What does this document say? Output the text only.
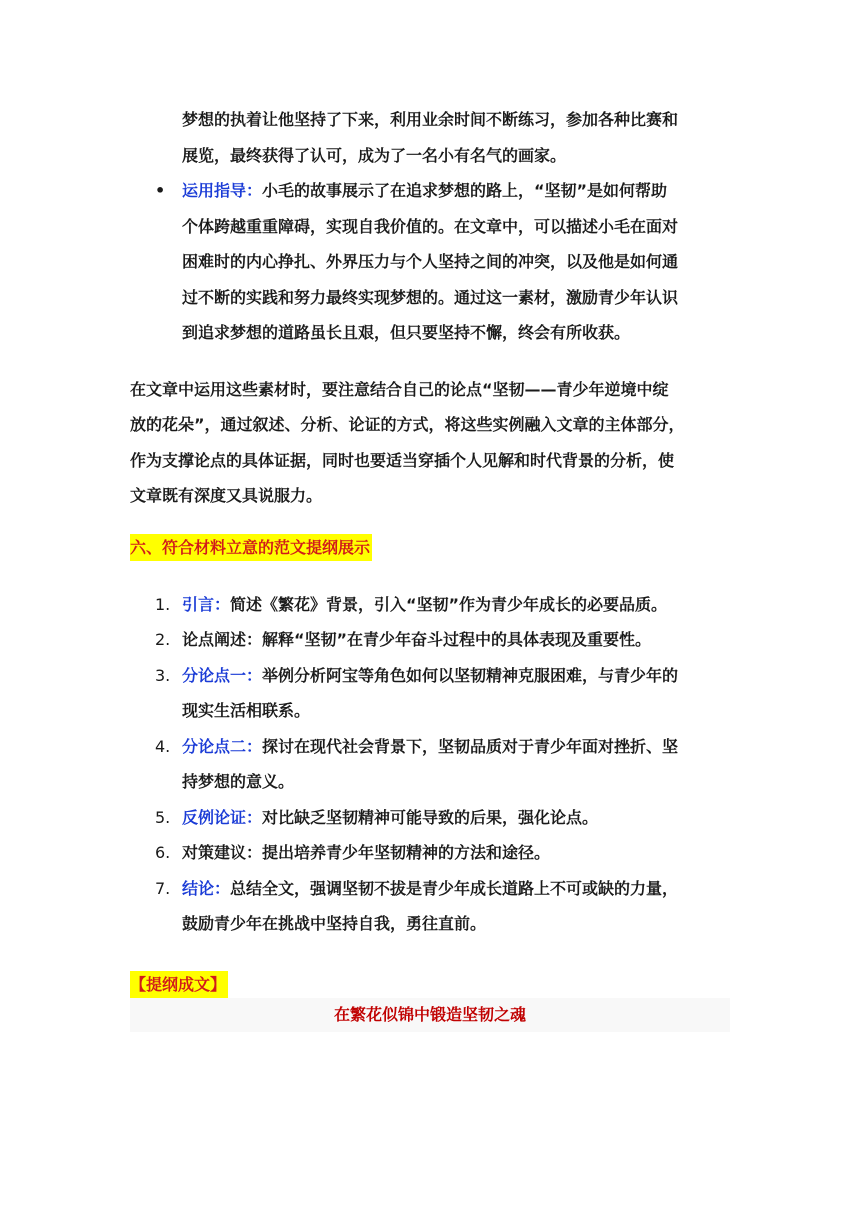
梦想的执着让他坚持了下来，利用业余时间不断练习，参加各种比赛和
展览，最终获得了认可，成为了一名小有名气的画家。
• 运用指导：小毛的故事展示了在追求梦想的路上，“坚韧”是如何帮助
个体跨越重重障碍，实现自我价值的。在文章中，可以描述小毛在面对
困难时的内心挣扎、外界压力与个人坚持之间的冲突，以及他是如何通
过不断的实践和努力最终实现梦想的。通过这一素材，激励青少年认识
到追求梦想的道路虽长且艰，但只要坚持不懈，终会有所收获。
在文章中运用这些素材时，要注意结合自己的论点“坚韧——青少年逆境中绽
放的花朵”，通过叙述、分析、论证的方式，将这些实例融入文章的主体部分，
作为支撑论点的具体证据，同时也要适当穿插个人见解和时代背景的分析，使
文章既有深度又具说服力。
六、符合材料立意的范文提纲展示
1. 引言：简述《繁花》背景，引入“坚韧”作为青少年成长的必要品质。
2. 论点阐述：解释“坚韧”在青少年奋斗过程中的具体表现及重要性。
3. 分论点一：举例分析阿宝等角色如何以坚韧精神克服困难，与青少年的
现实生活相联系。
4. 分论点二：探讨在现代社会背景下，坚韧品质对于青少年面对挫折、坚
持梦想的意义。
5. 反例论证：对比缺乏坚韧精神可能导致的后果，强化论点。
6. 对策建议：提出培养青少年坚韧精神的方法和途径。
7. 结论：总结全文，强调坚韧不拔是青少年成长道路上不可或缺的力量，
鼓励青少年在挑战中坚持自我，勇往直前。
【提纲成文】
在繁花似锦中锻造坚韧之魂
